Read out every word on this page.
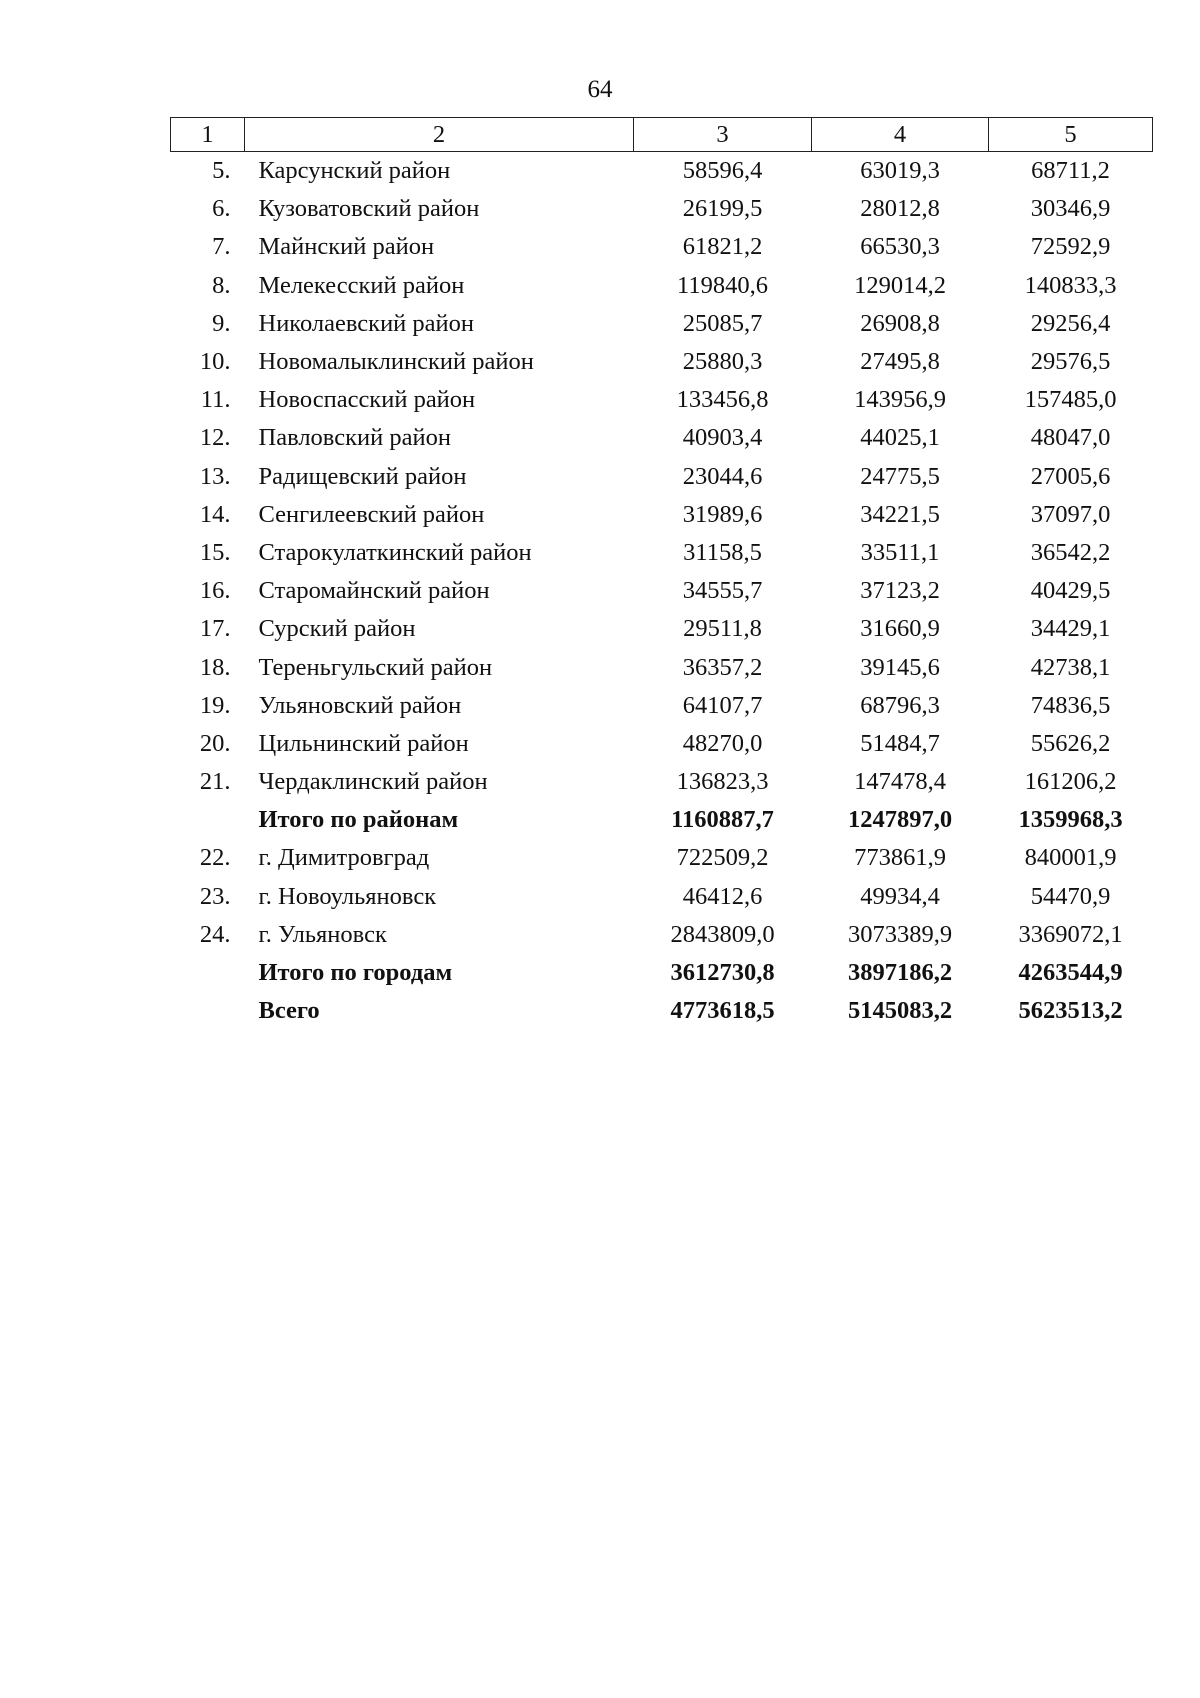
64
1	2	3	4	5
5.	Карсунский район	58596,4	63019,3	68711,2
6.	Кузоватовский район	26199,5	28012,8	30346,9
7.	Майнский район	61821,2	66530,3	72592,9
8.	Мелекесский район	119840,6	129014,2	140833,3
9.	Николаевский район	25085,7	26908,8	29256,4
10.	Новомалыклинский район	25880,3	27495,8	29576,5
11.	Новоспасский район	133456,8	143956,9	157485,0
12.	Павловский район	40903,4	44025,1	48047,0
13.	Радищевский район	23044,6	24775,5	27005,6
14.	Сенгилеевский район	31989,6	34221,5	37097,0
15.	Старокулаткинский район	31158,5	33511,1	36542,2
16.	Старомайнский район	34555,7	37123,2	40429,5
17.	Сурский район	29511,8	31660,9	34429,1
18.	Тереньгульский район	36357,2	39145,6	42738,1
19.	Ульяновский район	64107,7	68796,3	74836,5
20.	Цильнинский район	48270,0	51484,7	55626,2
21.	Чердаклинский район	136823,3	147478,4	161206,2
	Итого по районам	1160887,7	1247897,0	1359968,3
22.	г. Димитровград	722509,2	773861,9	840001,9
23.	г. Новоульяновск	46412,6	49934,4	54470,9
24.	г. Ульяновск	2843809,0	3073389,9	3369072,1
	Итого по городам	3612730,8	3897186,2	4263544,9
	Всего	4773618,5	5145083,2	5623513,2
